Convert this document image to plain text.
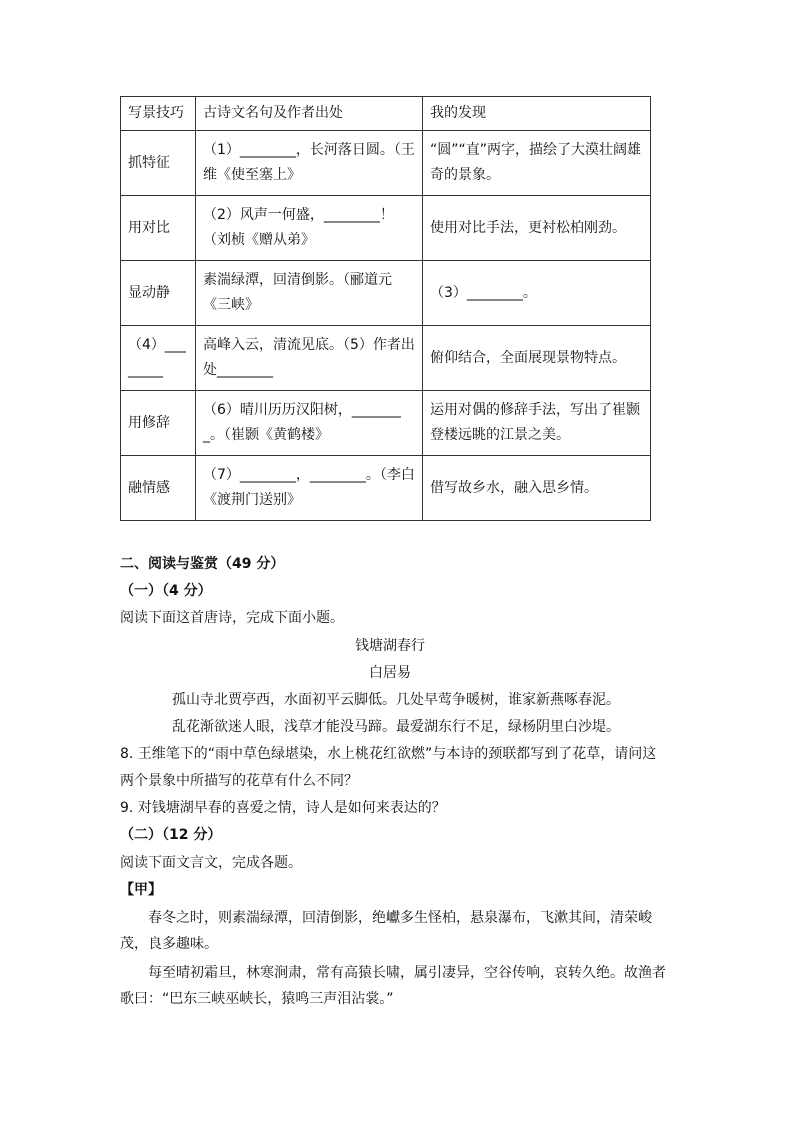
写景技巧	古诗文名句及作者出处	我的发现
抓特征	（1）________，长河落日圆。（王维《使至塞上》	“圆”“直”两字，描绘了大漠壮阔雄奇的景象。
用对比	（2）风声一何盛，________！（刘桢《赠从弟》	使用对比手法，更衬松柏刚劲。
显动静	素湍绿潭，回清倒影。（郦道元《三峡》	（3）________。
（4）________	高峰入云，清流见底。（5）作者出处________	俯仰结合，全面展现景物特点。
用修辞	（6）晴川历历汉阳树，________。（崔颢《黄鹤楼》	运用对偶的修辞手法，写出了崔颢登楼远眺的江景之美。
融情感	（7）________，________。（李白《渡荆门送别》	借写故乡水，融入思乡情。
二、阅读与鉴赏（49 分）
（一）（4 分）
阅读下面这首唐诗，完成下面小题。
钱塘湖春行
白居易
孤山寺北贾亭西，水面初平云脚低。几处早莺争暖树，谁家新燕啄春泥。
乱花渐欲迷人眼，浅草才能没马蹄。最爱湖东行不足，绿杨阴里白沙堤。
8. 王维笔下的“雨中草色绿堪染，水上桃花红欲燃”与本诗的颈联都写到了花草，请问这
两个景象中所描写的花草有什么不同？
9. 对钱塘湖早春的喜爱之情，诗人是如何来表达的？
（二）（12 分）
阅读下面文言文，完成各题。
【甲】
春冬之时，则素湍绿潭，回清倒影，绝巘多生怪柏，悬泉瀑布，飞漱其间，清荣峻茂，良多趣味。
每至晴初霜旦，林寒涧肃，常有高猿长啸，属引凄异，空谷传响，哀转久绝。故渔者歌曰：“巴东三峡巫峡长，猿鸣三声泪沾裳。”
